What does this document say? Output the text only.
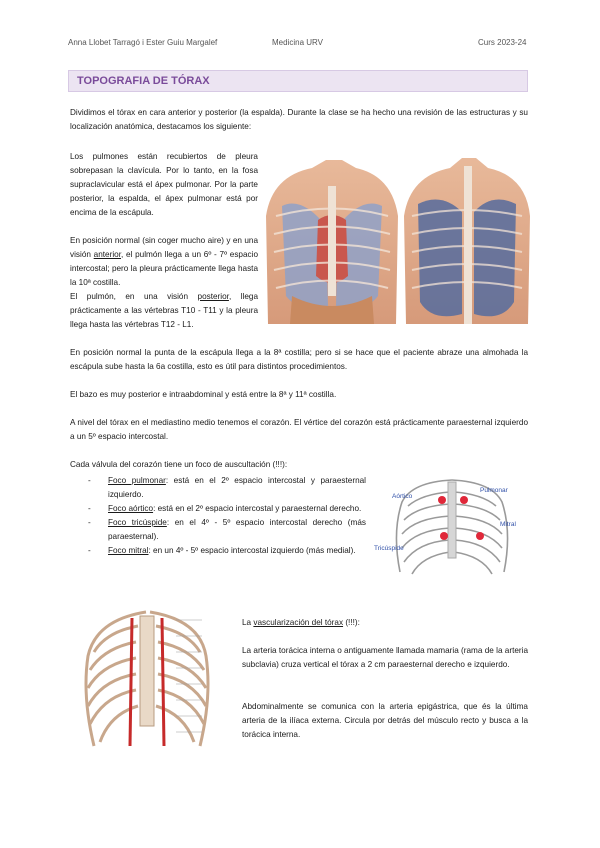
Anna Llobet Tarragó i Ester Guiu Margalef	Medicina URV	Curs 2023-24
TOPOGRAFIA DE TÓRAX
Dividimos el tórax en cara anterior y posterior (la espalda). Durante la clase se ha hecho una revisión de las estructuras y su localización anatómica, destacamos los siguiente:
Los pulmones están recubiertos de pleura sobrepasan la clavícula. Por lo tanto, en la fosa supraclavicular está el ápex pulmonar. Por la parte posterior, la espalda, el ápex pulmonar está por encima de la escápula.
En posición normal (sin coger mucho aire) y en una visión anterior, el pulmón llega a un 6º - 7º espacio intercostal; pero la pleura prácticamente llega hasta la 10ª costilla.
El pulmón, en una visión posterior, llega prácticamente a las vértebras T10 - T11 y la pleura llega hasta las vértebras T12 - L1.
En posición normal la punta de la escápula llega a la 8ª costilla; pero si se hace que el paciente abraze una almohada la escápula sube hasta la 6a costilla, esto es útil para distintos procedimientos.
El bazo es muy posterior e intraabdominal y está entre la 8ª y 11ª costilla.
A nivel del tórax en el mediastino medio tenemos el corazón. El vértice del corazón está prácticamente paraesternal izquierdo a un 5º espacio intercostal.
Cada válvula del corazón tiene un foco de auscultación (!!!):
- Foco pulmonar: está en el 2º espacio intercostal y paraesternal izquierdo.
- Foco aórtico: está en el 2º espacio intercostal y paraesternal derecho.
- Foco tricúspide: en el 4º - 5º espacio intercostal derecho (más paraesternal).
- Foco mitral: en un 4º - 5º espacio intercostal izquierdo (más medial).
Aórtico
Pulmonar
Mitral
Tricúspide
La vascularización del tórax (!!!):
La arteria torácica interna o antiguamente llamada mamaria (rama de la arteria subclavia) cruza vertical el tórax a 2 cm paraesternal derecho e izquierdo.
Abdominalmente se comunica con la arteria epigástrica, que és la última arteria de la ilíaca externa. Circula por detrás del músculo recto y busca a la torácica interna.
